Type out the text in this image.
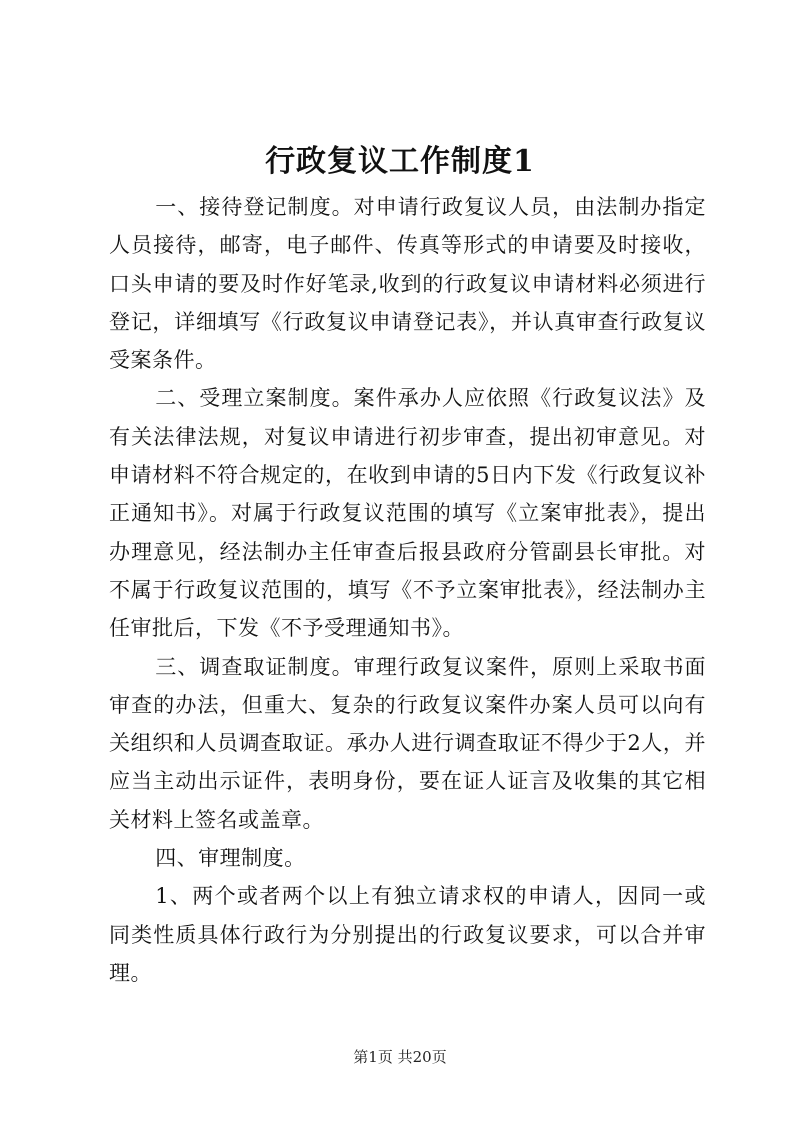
行政复议工作制度1

一、接待登记制度。对申请行政复议人员，由法制办指定人员接待，邮寄，电子邮件、传真等形式的申请要及时接收，口头申请的要及时作好笔录,收到的行政复议申请材料必须进行登记，详细填写《行政复议申请登记表》，并认真审查行政复议受案条件。

二、受理立案制度。案件承办人应依照《行政复议法》及有关法律法规，对复议申请进行初步审查，提出初审意见。对申请材料不符合规定的，在收到申请的5日内下发《行政复议补正通知书》。对属于行政复议范围的填写《立案审批表》，提出办理意见，经法制办主任审查后报县政府分管副县长审批。对不属于行政复议范围的，填写《不予立案审批表》，经法制办主任审批后，下发《不予受理通知书》。

三、调查取证制度。审理行政复议案件，原则上采取书面审查的办法，但重大、复杂的行政复议案件办案人员可以向有关组织和人员调查取证。承办人进行调查取证不得少于2人，并应当主动出示证件，表明身份，要在证人证言及收集的其它相关材料上签名或盖章。

四、审理制度。

1、两个或者两个以上有独立请求权的申请人，因同一或同类性质具体行政行为分别提出的行政复议要求，可以合并审理。

第1页 共20页
